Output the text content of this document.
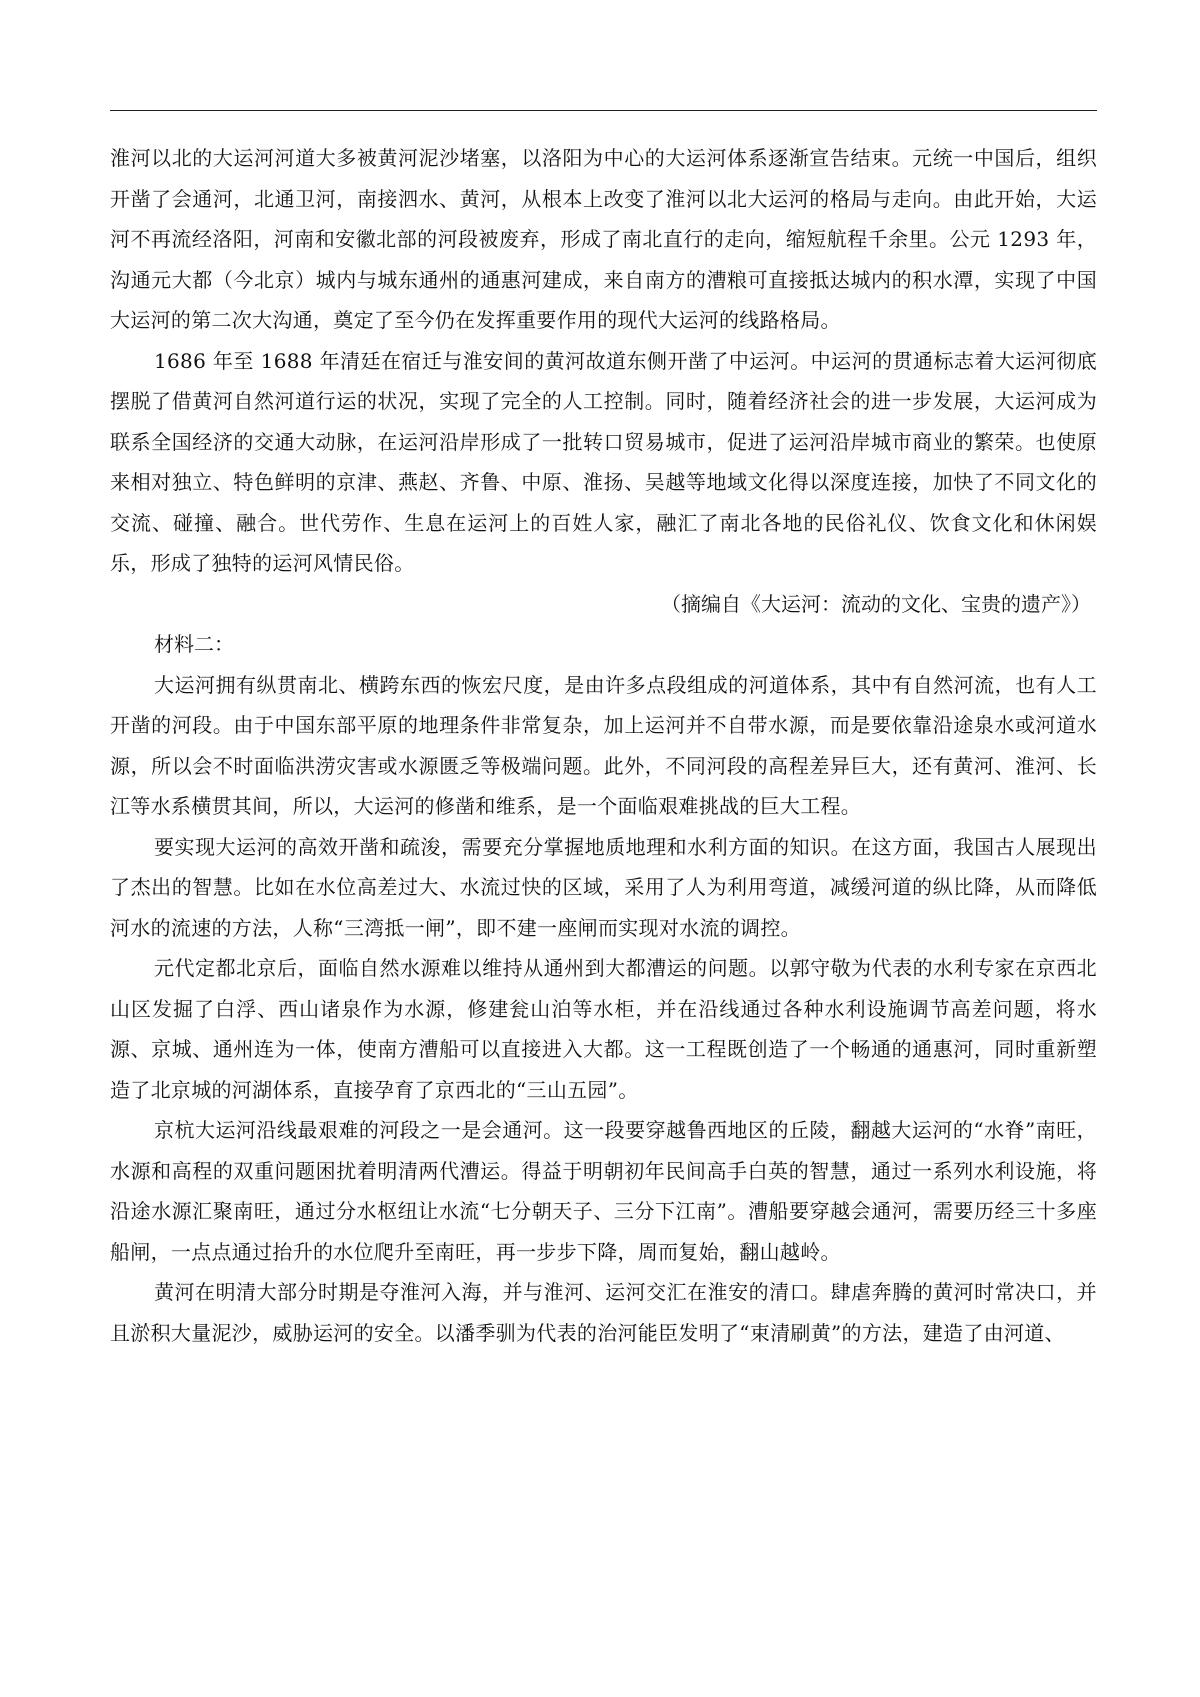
淮河以北的大运河河道大多被黄河泥沙堵塞，以洛阳为中心的大运河体系逐渐宣告结束。元统一中国后，组织开凿了会通河，北通卫河，南接泗水、黄河，从根本上改变了淮河以北大运河的格局与走向。由此开始，大运河不再流经洛阳，河南和安徽北部的河段被废弃，形成了南北直行的走向，缩短航程千余里。公元 1293 年，沟通元大都（今北京）城内与城东通州的通惠河建成，来自南方的漕粮可直接抵达城内的积水潭，实现了中国大运河的第二次大沟通，奠定了至今仍在发挥重要作用的现代大运河的线路格局。

1686 年至 1688 年清廷在宿迁与淮安间的黄河故道东侧开凿了中运河。中运河的贯通标志着大运河彻底摆脱了借黄河自然河道行运的状况，实现了完全的人工控制。同时，随着经济社会的进一步发展，大运河成为联系全国经济的交通大动脉，在运河沿岸形成了一批转口贸易城市，促进了运河沿岸城市商业的繁荣。也使原来相对独立、特色鲜明的京津、燕赵、齐鲁、中原、淮扬、吴越等地域文化得以深度连接，加快了不同文化的交流、碰撞、融合。世代劳作、生息在运河上的百姓人家，融汇了南北各地的民俗礼仪、饮食文化和休闲娱乐，形成了独特的运河风情民俗。

（摘编自《大运河：流动的文化、宝贵的遗产》）

材料二：

大运河拥有纵贯南北、横跨东西的恢宏尺度，是由许多点段组成的河道体系，其中有自然河流，也有人工开凿的河段。由于中国东部平原的地理条件非常复杂，加上运河并不自带水源，而是要依靠沿途泉水或河道水源，所以会不时面临洪涝灾害或水源匮乏等极端问题。此外，不同河段的高程差异巨大，还有黄河、淮河、长江等水系横贯其间，所以，大运河的修凿和维系，是一个面临艰难挑战的巨大工程。

要实现大运河的高效开凿和疏浚，需要充分掌握地质地理和水利方面的知识。在这方面，我国古人展现出了杰出的智慧。比如在水位高差过大、水流过快的区域，采用了人为利用弯道，减缓河道的纵比降，从而降低河水的流速的方法，人称“三湾抵一闸”，即不建一座闸而实现对水流的调控。

元代定都北京后，面临自然水源难以维持从通州到大都漕运的问题。以郭守敬为代表的水利专家在京西北山区发掘了白浮、西山诸泉作为水源，修建瓮山泊等水柜，并在沿线通过各种水利设施调节高差问题，将水源、京城、通州连为一体，使南方漕船可以直接进入大都。这一工程既创造了一个畅通的通惠河，同时重新塑造了北京城的河湖体系，直接孕育了京西北的“三山五园”。

京杭大运河沿线最艰难的河段之一是会通河。这一段要穿越鲁西地区的丘陵，翻越大运河的“水脊”南旺，水源和高程的双重问题困扰着明清两代漕运。得益于明朝初年民间高手白英的智慧，通过一系列水利设施，将沿途水源汇聚南旺，通过分水枢纽让水流“七分朝天子、三分下江南”。漕船要穿越会通河，需要历经三十多座船闸，一点点通过抬升的水位爬升至南旺，再一步步下降，周而复始，翻山越岭。

黄河在明清大部分时期是夺淮河入海，并与淮河、运河交汇在淮安的清口。肆虐奔腾的黄河时常决口，并且淤积大量泥沙，威胁运河的安全。以潘季驯为代表的治河能臣发明了“束清刷黄”的方法，建造了由河道、
